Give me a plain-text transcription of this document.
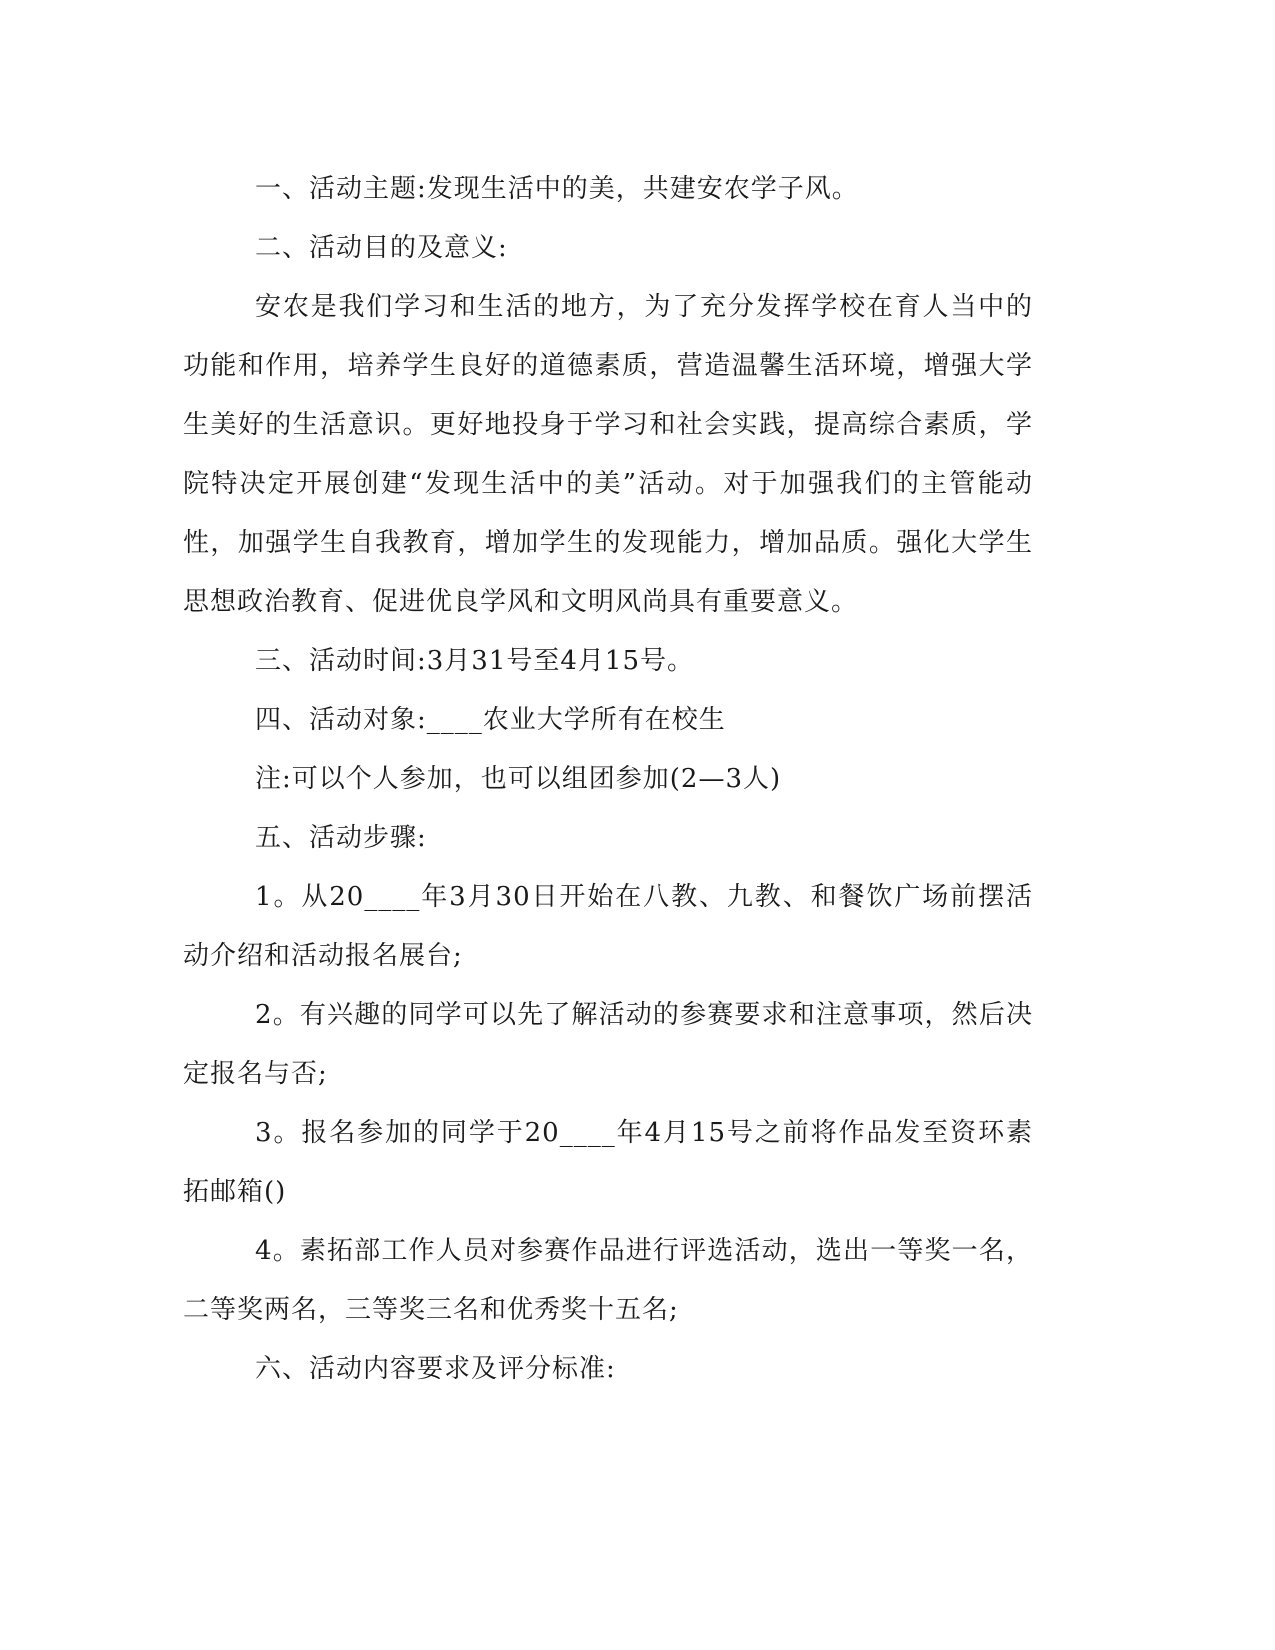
一、活动主题:发现生活中的美，共建安农学子风。

二、活动目的及意义:

安农是我们学习和生活的地方，为了充分发挥学校在育人当中的功能和作用，培养学生良好的道德素质，营造温馨生活环境，增强大学生美好的生活意识。更好地投身于学习和社会实践，提高综合素质，学院特决定开展创建“发现生活中的美”活动。对于加强我们的主管能动性，加强学生自我教育，增加学生的发现能力，增加品质。强化大学生思想政治教育、促进优良学风和文明风尚具有重要意义。

三、活动时间:3月31号至4月15号。

四、活动对象:____农业大学所有在校生

注:可以个人参加，也可以组团参加(2—3人)

五、活动步骤:

1。从20____年3月30日开始在八教、九教、和餐饮广场前摆活动介绍和活动报名展台;

2。有兴趣的同学可以先了解活动的参赛要求和注意事项，然后决定报名与否;

3。报名参加的同学于20____年4月15号之前将作品发至资环素拓邮箱()

4。素拓部工作人员对参赛作品进行评选活动，选出一等奖一名，二等奖两名，三等奖三名和优秀奖十五名;

六、活动内容要求及评分标准:
